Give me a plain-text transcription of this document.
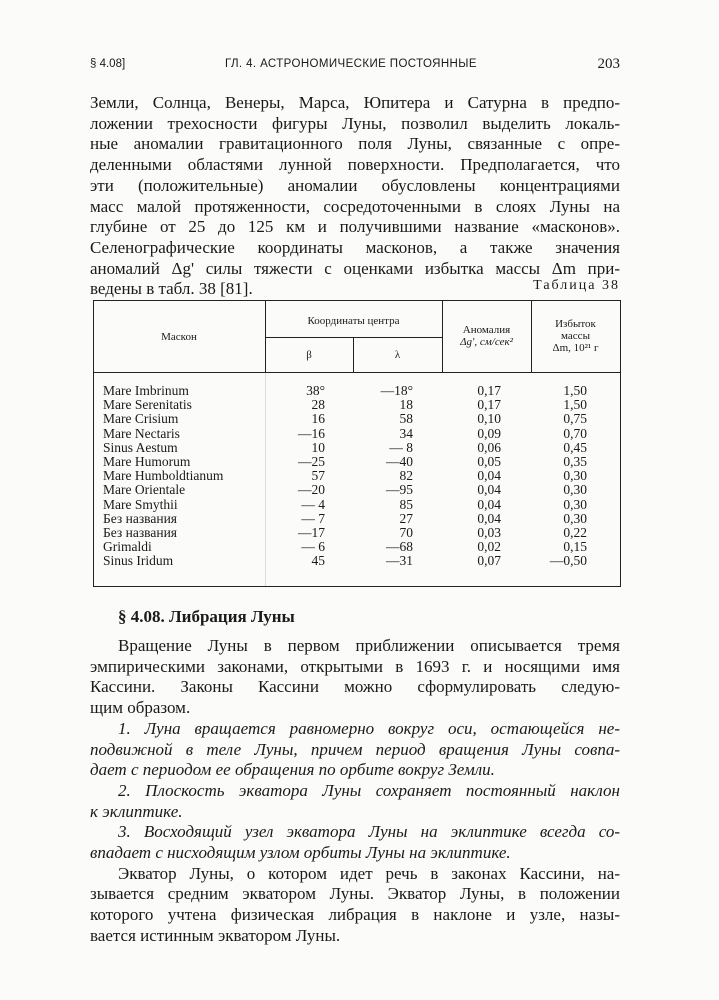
§ 4.08]	ГЛ. 4. АСТРОНОМИЧЕСКИЕ ПОСТОЯННЫЕ	203
Земли, Солнца, Венеры, Марса, Юпитера и Сатурна в предпо-
ложении трехосности фигуры Луны, позволил выделить локаль-
ные аномалии гравитационного поля Луны, связанные с опре-
деленными областями лунной поверхности. Предполагается, что
эти (положительные) аномалии обусловлены концентрациями
масс малой протяженности, сосредоточенными в слоях Луны на
глубине от 25 до 125 км и получившими название «масконов».
Селенографические координаты масконов, а также значения
аномалий Δg' силы тяжести с оценками избытка массы Δm при-
ведены в табл. 38 [81].	Таблица 38
Маскон
Координаты центра
β	λ
Аномалия
Δg', см/сек²
Избыток
массы
Δm, 10²¹ г
Mare Imbrinum	38°	—18°	0,17	1,50
Mare Serenitatis	28	18	0,17	1,50
Mare Crisium	16	58	0,10	0,75
Mare Nectaris	—16	34	0,09	0,70
Sinus Aestum	10	— 8	0,06	0,45
Mare Humorum	—25	—40	0,05	0,35
Mare Humboldtianum	57	82	0,04	0,30
Mare Orientale	—20	—95	0,04	0,30
Mare Smythii	— 4	85	0,04	0,30
Без названия	— 7	27	0,04	0,30
Без названия	—17	70	0,03	0,22
Grimaldi	— 6	—68	0,02	0,15
Sinus Iridum	45	—31	0,07	—0,50
§ 4.08. Либрация Луны
Вращение Луны в первом приближении описывается тремя
эмпирическими законами, открытыми в 1693 г. и носящими имя
Кассини. Законы Кассини можно сформулировать следую-
щим образом.
1. Луна вращается равномерно вокруг оси, остающейся не-
подвижной в теле Луны, причем период вращения Луны совпа-
дает с периодом ее обращения по орбите вокруг Земли.
2. Плоскость экватора Луны сохраняет постоянный наклон
к эклиптике.
3. Восходящий узел экватора Луны на эклиптике всегда со-
впадает с нисходящим узлом орбиты Луны на эклиптике.
Экватор Луны, о котором идет речь в законах Кассини, на-
зывается средним экватором Луны. Экватор Луны, в положении
которого учтена физическая либрация в наклоне и узле, назы-
вается истинным экватором Луны.
